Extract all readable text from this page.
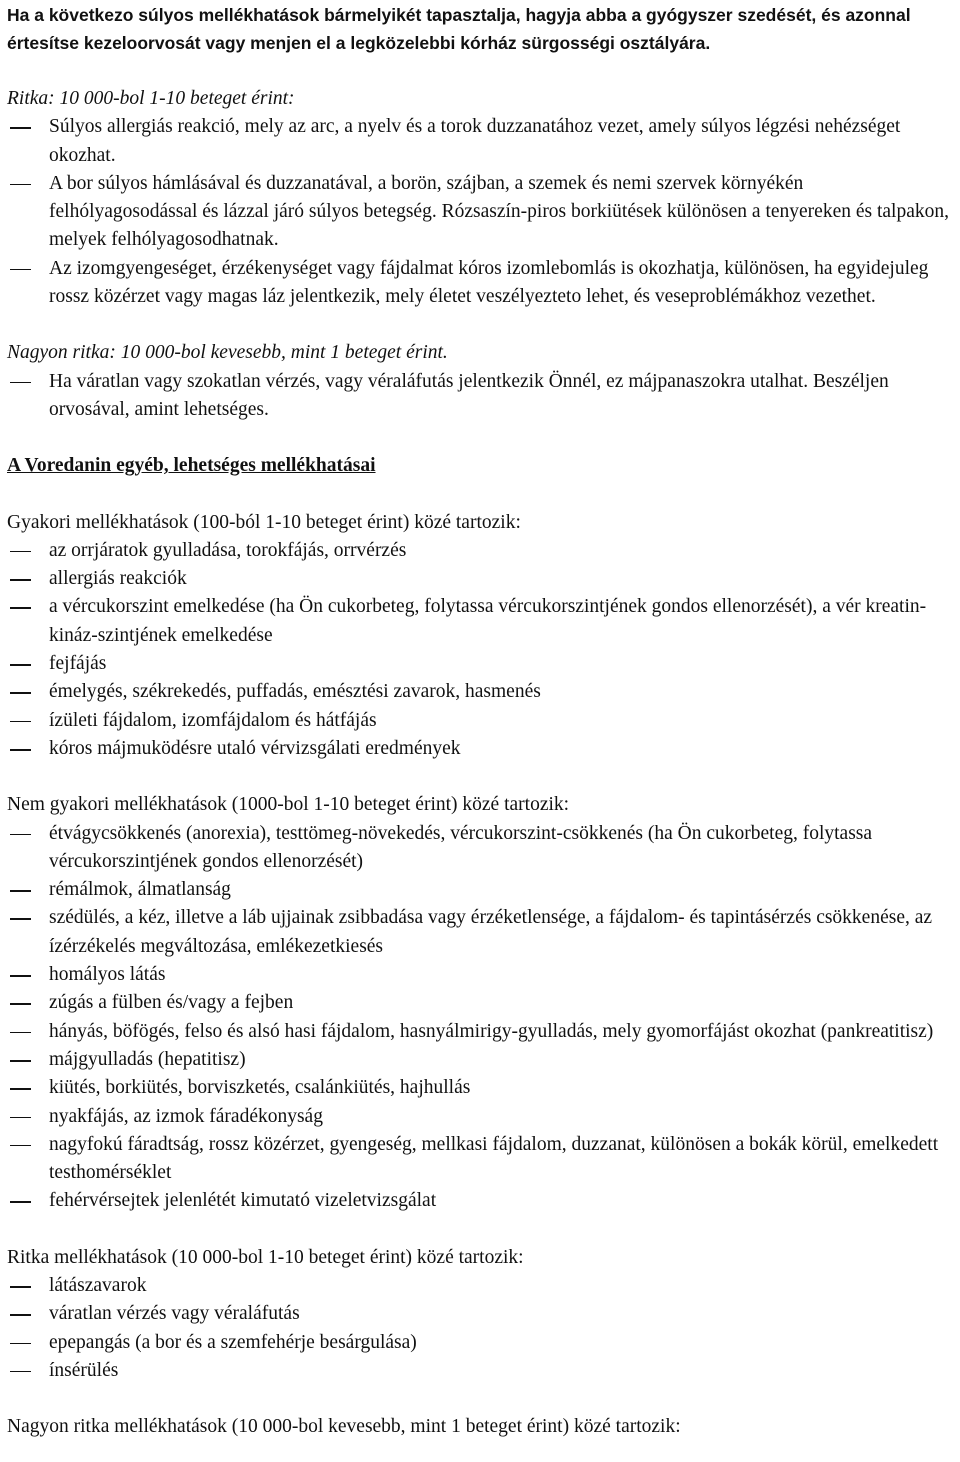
Ha a következo súlyos mellékhatások bármelyikét tapasztalja, hagyja abba a gyógyszer szedését, és azonnal értesítse kezeloorvosát vagy menjen el a legközelebbi kórház sürgosségi osztályára.

Ritka: 10 000-bol 1-10 beteget érint:

Súlyos allergiás reakció, mely az arc, a nyelv és a torok duzzanatához vezet, amely súlyos légzési nehézséget okozhat.
A bor súlyos hámlásával és duzzanatával, a borön, szájban, a szemek és nemi szervek környékén felhólyagosodással és lázzal járó súlyos betegség. Rózsaszín-piros borkiütések különösen a tenyereken és talpakon, melyek felhólyagosodhatnak.
Az izomgyengeséget, érzékenységet vagy fájdalmat kóros izomlebomlás is okozhatja, különösen, ha egyidejuleg rossz közérzet vagy magas láz jelentkezik, mely életet veszélyezteto lehet, és veseproblémákhoz vezethet.

Nagyon ritka: 10 000-bol kevesebb, mint 1 beteget érint.

Ha váratlan vagy szokatlan vérzés, vagy véraláfutás jelentkezik Önnél, ez májpanaszokra utalhat. Beszéljen orvosával, amint lehetséges.

A Voredanin egyéb, lehetséges mellékhatásai

Gyakori mellékhatások (100-ból 1-10 beteget érint) közé tartozik:

az orrjáratok gyulladása, torokfájás, orrvérzés
allergiás reakciók
a vércukorszint emelkedése (ha Ön cukorbeteg, folytassa vércukorszintjének gondos ellenorzését), a vér kreatin-kináz-szintjének emelkedése
fejfájás
émelygés, székrekedés, puffadás, emésztési zavarok, hasmenés
ízületi fájdalom, izomfájdalom és hátfájás
kóros májmuködésre utaló vérvizsgálati eredmények

Nem gyakori mellékhatások (1000-bol 1-10 beteget érint) közé tartozik:

étvágycsökkenés (anorexia), testtömeg-növekedés, vércukorszint-csökkenés (ha Ön cukorbeteg, folytassa vércukorszintjének gondos ellenorzését)
rémálmok, álmatlanság
szédülés, a kéz, illetve a láb ujjainak zsibbadása vagy érzéketlensége, a fájdalom- és tapintásérzés csökkenése, az ízérzékelés megváltozása, emlékezetkiesés
homályos látás
zúgás a fülben és/vagy a fejben
hányás, böfögés, felso és alsó hasi fájdalom, hasnyálmirigy-gyulladás, mely gyomorfájást okozhat (pankreatitisz)
májgyulladás (hepatitisz)
kiütés, borkiütés, borviszketés, csalánkiütés, hajhullás
nyakfájás, az izmok fáradékonyság
nagyfokú fáradtság, rossz közérzet, gyengeség, mellkasi fájdalom, duzzanat, különösen a bokák körül, emelkedett testhomérséklet
fehérvérsejtek jelenlétét kimutató vizeletvizsgálat

Ritka mellékhatások (10 000-bol 1-10 beteget érint) közé tartozik:

látászavarok
váratlan vérzés vagy véraláfutás
epepangás (a bor és a szemfehérje besárgulása)
ínsérülés

Nagyon ritka mellékhatások (10 000-bol kevesebb, mint 1 beteget érint) közé tartozik:
